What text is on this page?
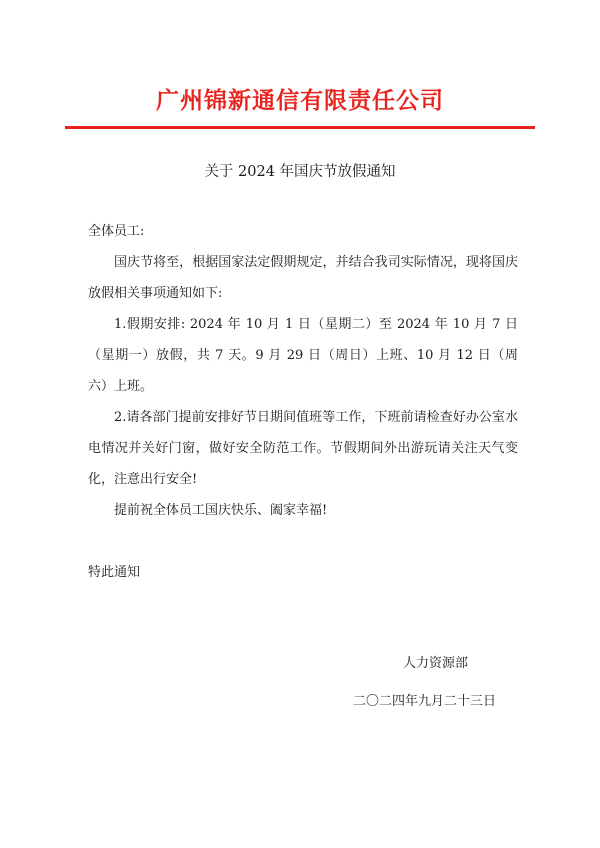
广州锦新通信有限责任公司
关于 2024 年国庆节放假通知
全体员工:

国庆节将至，根据国家法定假期规定，并结合我司实际情况，现将国庆放假相关事项通知如下:

1.假期安排: 2024 年 10 月 1 日（星期二）至 2024 年 10 月 7 日（星期一）放假，共 7 天。9 月 29 日（周日）上班、10 月 12 日（周六）上班。

2.请各部门提前安排好节日期间值班等工作，下班前请检查好办公室水电情况并关好门窗，做好安全防范工作。节假期间外出游玩请关注天气变化，注意出行安全!

提前祝全体员工国庆快乐、阖家幸福!

特此通知
人力资源部
二〇二四年九月二十三日
